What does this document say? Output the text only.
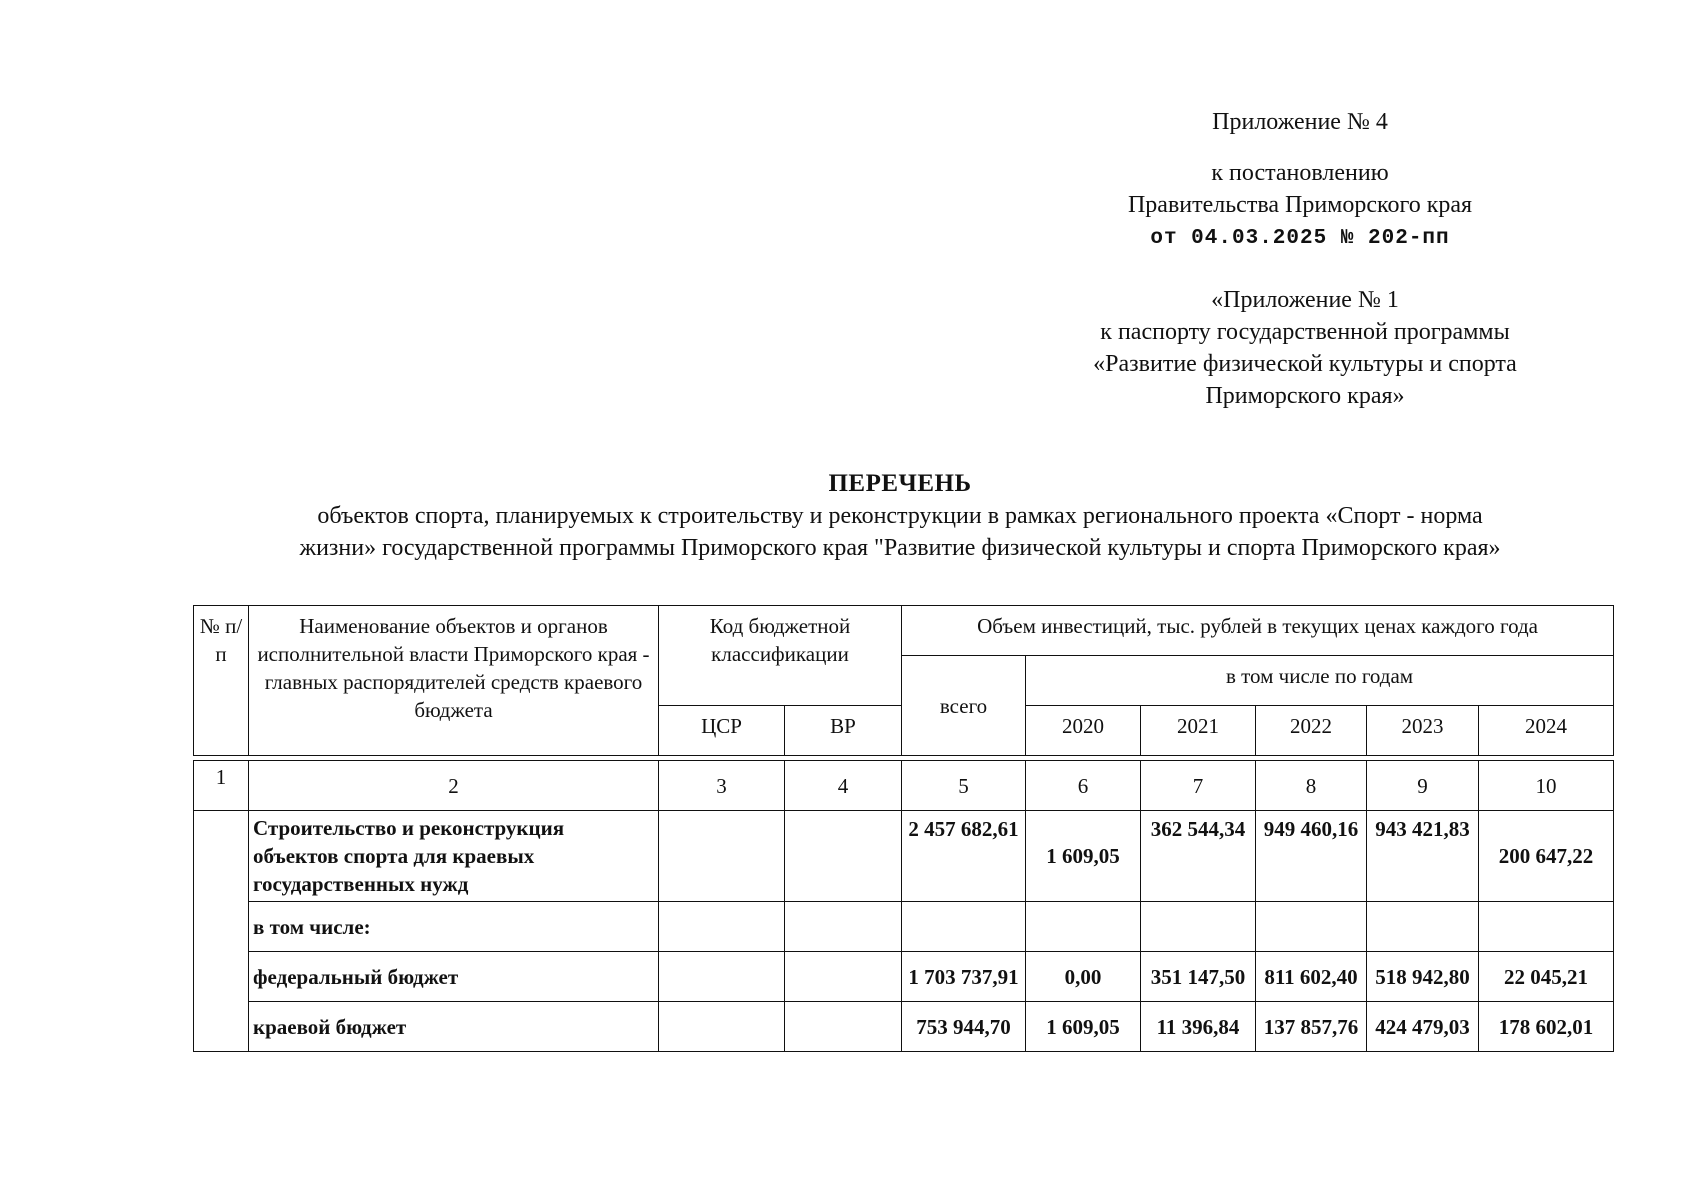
Приложение № 4
к постановлению
Правительства Приморского края
от 04.03.2025 № 202-пп
«Приложение № 1
к паспорту государственной программы
«Развитие физической культуры и спорта
Приморского края»
ПЕРЕЧЕНЬ
объектов спорта, планируемых к строительству и реконструкции в рамках регионального проекта «Спорт - норма
жизни» государственной программы Приморского края "Развитие физической культуры и спорта Приморского края»
№ п/п	Наименование объектов и органов исполнительной власти Приморского края - главных распорядителей средств краевого бюджета	Код бюджетной классификации		Объем инвестиций, тыс. рублей в текущих ценах каждого года					
				всего	в том числе по годам				
		ЦСР	ВР		2020	2021	2022	2023	2024
1	2	3	4	5	6	7	8	9	10
	Строительство и реконструкция объектов спорта для краевых государственных нужд			2 457 682,61	1 609,05	362 544,34	949 460,16	943 421,83	200 647,22
	в том числе:								
	федеральный бюджет			1 703 737,91	0,00	351 147,50	811 602,40	518 942,80	22 045,21
	краевой бюджет			753 944,70	1 609,05	11 396,84	137 857,76	424 479,03	178 602,01
